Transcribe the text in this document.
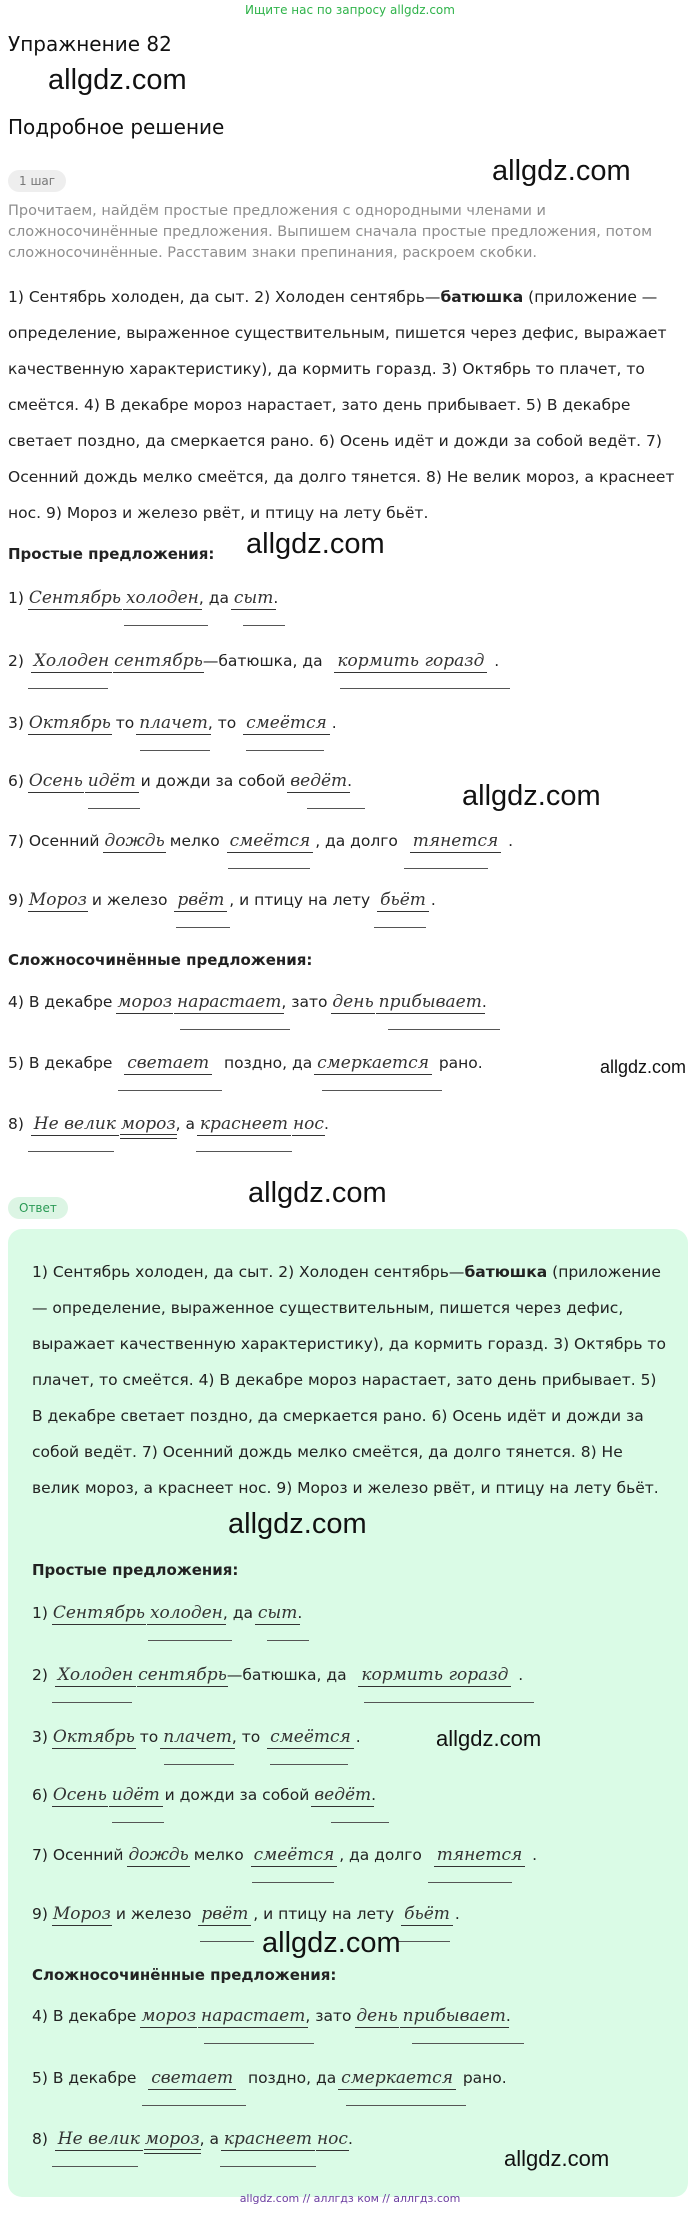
Ищите нас по запросу allgdz.com
Упражнение 82
allgdz.com
Подробное решение
1 шаг	allgdz.com
Прочитаем, найдём простые предложения с однородными членами и сложносочинённые предложения. Выпишем сначала простые предложения, потом сложносочинённые. Расставим знаки препинания, раскроем скобки.
1) Сентябрь холоден, да сыт. 2) Холоден сентябрь—батюшка (приложение — определение, выраженное существительным, пишется через дефис, выражает качественную характеристику), да кормить горазд. 3) Октябрь то плачет, то смеётся. 4) В декабре мороз нарастает, зато день прибывает. 5) В декабре светает поздно, да смеркается рано. 6) Осень идёт и дожди за собой ведёт. 7) Осенний дождь мелко смеётся, да долго тянется. 8) Не велик мороз, а краснеет нос. 9) Мороз и железо рвёт, и птицу на лету бьёт.
Простые предложения: allgdz.com
1) Сентябрь холоден, да сыт.
2) Холоден сентябрь—батюшка, да кормить горазд .
3) Октябрь то плачет, то смеётся .
6) Осень идёт и дожди за собой ведёт.	allgdz.com
7) Осенний дождь мелко смеётся , да долго тянется .
9) Мороз и железо рвёт , и птицу на лету бьёт .
Сложносочинённые предложения:
4) В декабре мороз нарастает, зато день прибывает.
5) В декабре светает поздно, да смеркается рано.	allgdz.com
8) Не велик мороз, а краснеет нос.
Ответ	allgdz.com
1) Сентябрь холоден, да сыт. 2) Холоден сентябрь—батюшка (приложение — определение, выраженное существительным, пишется через дефис, выражает качественную характеристику), да кормить горазд. 3) Октябрь то плачет, то смеётся. 4) В декабре мороз нарастает, зато день прибывает. 5) В декабре светает поздно, да смеркается рано. 6) Осень идёт и дожди за собой ведёт. 7) Осенний дождь мелко смеётся, да долго тянется. 8) Не велик мороз, а краснеет нос. 9) Мороз и железо рвёт, и птицу на лету бьёт.
allgdz.com
Простые предложения:
1) Сентябрь холоден, да сыт.
2) Холоден сентябрь—батюшка, да кормить горазд .
3) Октябрь то плачет, то смеётся .	allgdz.com
6) Осень идёт и дожди за собой ведёт.
7) Осенний дождь мелко смеётся , да долго тянется .
9) Мороз и железо рвёт , и птицу на лету бьёт .
allgdz.com
Сложносочинённые предложения:
4) В декабре мороз нарастает, зато день прибывает.
5) В декабре светает поздно, да смеркается рано.
8) Не велик мороз, а краснеет нос.
allgdz.com
allgdz.com // аллгдз ком // аллгдз.com
